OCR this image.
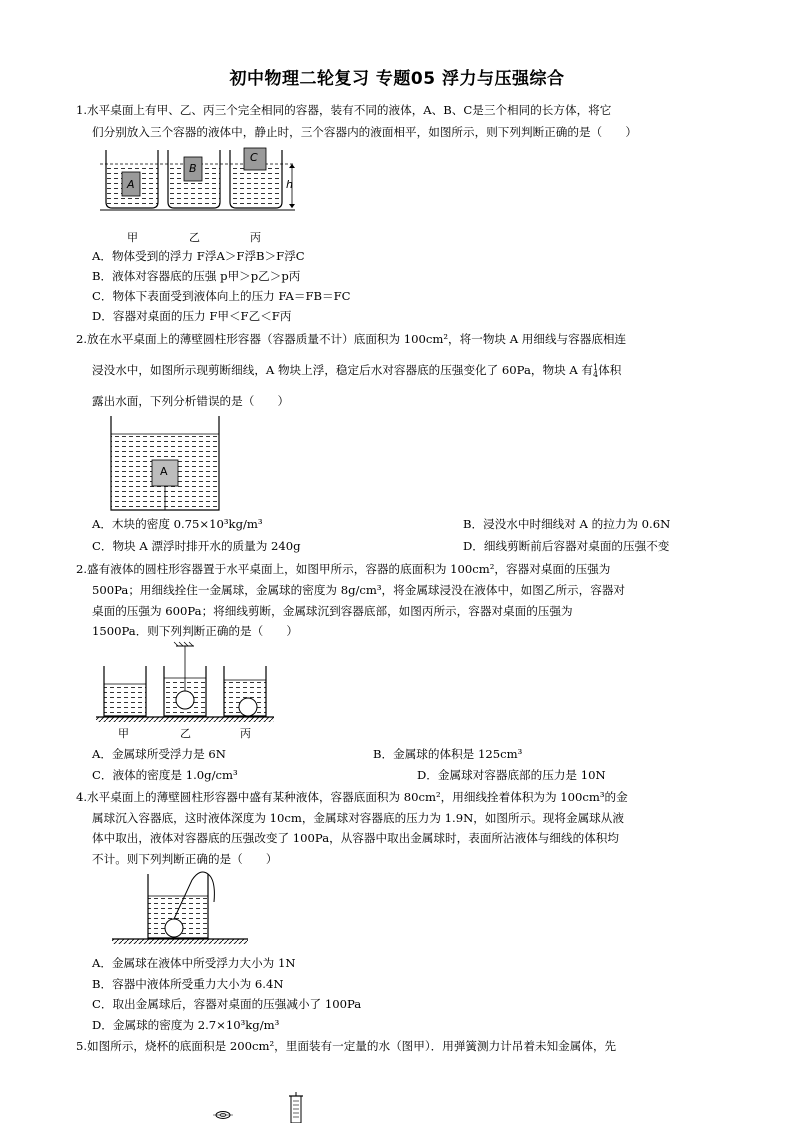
初中物理二轮复习 专题05 浮力与压强综合
1.水平桌面上有甲、乙、丙三个完全相同的容器，装有不同的液体，A、B、C是三个相同的长方体，将它
们分别放入三个容器的液体中，静止时，三个容器内的液面相平，如图所示，则下列判断正确的是（　　）
A
B
C
h
甲	乙	丙
A．物体受到的浮力 F浮A＞F浮B＞F浮C
B．液体对容器底的压强 p甲＞p乙＞p丙
C．物体下表面受到液体向上的压力 FA＝FB＝FC
D．容器对桌面的压力 F甲＜F乙＜F丙
2.放在水平桌面上的薄壁圆柱形容器（容器质量不计）底面积为 100cm²，将一物块 A 用细线与容器底相连
浸没水中，如图所示现剪断细线，A 物块上浮，稳定后水对容器底的压强变化了 60Pa，物块 A 有1
4体积
露出水面，下列分析错误的是（　　）
A
A．木块的密度 0.75×10³kg/m³	B．浸没水中时细线对 A 的拉力为 0.6N
C．物块 A 漂浮时排开水的质量为 240g	D．细线剪断前后容器对桌面的压强不变
2.盛有液体的圆柱形容器置于水平桌面上，如图甲所示，容器的底面积为 100cm²，容器对桌面的压强为
500Pa；用细线拴住一金属球，金属球的密度为 8g/cm³，将金属球浸没在液体中，如图乙所示，容器对
桌面的压强为 600Pa；将细线剪断，金属球沉到容器底部，如图丙所示，容器对桌面的压强为
1500Pa．则下列判断正确的是（　　）
甲	乙	丙
A．金属球所受浮力是 6N	B．金属球的体积是 125cm³
C．液体的密度是 1.0g/cm³	D．金属球对容器底部的压力是 10N
4.水平桌面上的薄壁圆柱形容器中盛有某种液体，容器底面积为 80cm²，用细线拴着体积为为 100cm³的金
属球沉入容器底，这时液体深度为 10cm，金属球对容器底的压力为 1.9N，如图所示。现将金属球从液
体中取出，液体对容器底的压强改变了 100Pa，从容器中取出金属球时，表面所沾液体与细线的体积均
不计。则下列判断正确的是（　　）
A．金属球在液体中所受浮力大小为 1N
B．容器中液体所受重力大小为 6.4N
C．取出金属球后，容器对桌面的压强减小了 100Pa
D．金属球的密度为 2.7×10³kg/m³
5.如图所示，烧杯的底面积是 200cm²，里面装有一定量的水（图甲）．用弹簧测力计吊着未知金属体，先
